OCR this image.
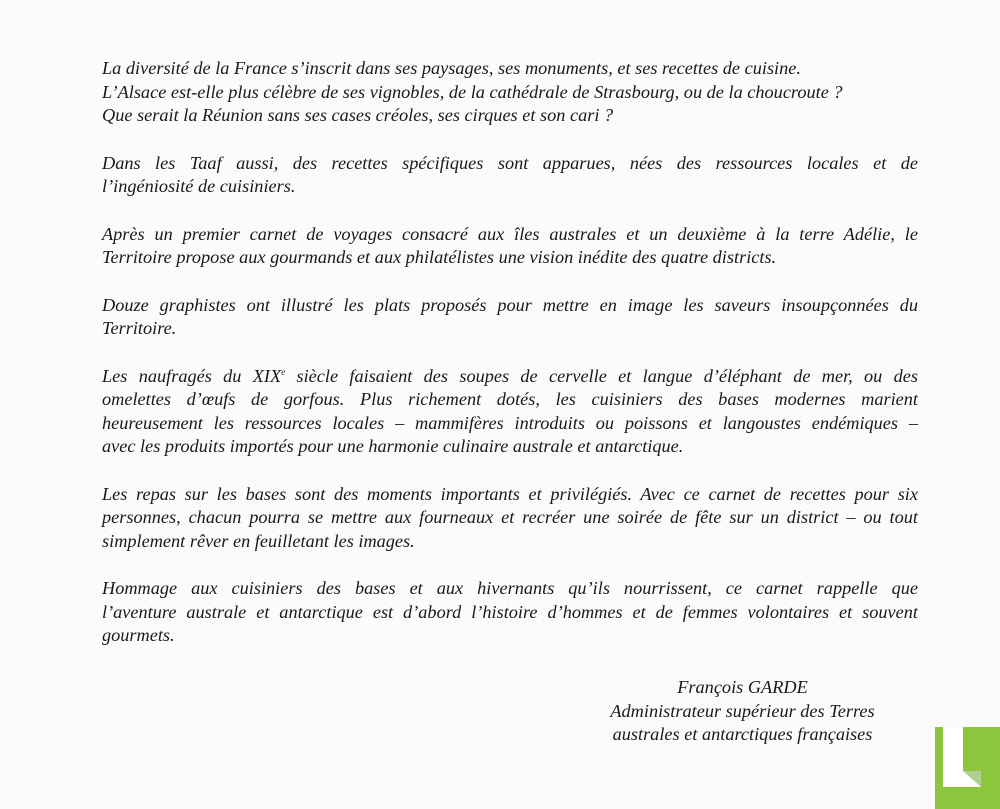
La diversité de la France s’inscrit dans ses paysages, ses monuments, et ses recettes de cuisine.
L’Alsace est-elle plus célèbre de ses vignobles, de la cathédrale de Strasbourg, ou de la choucroute ?
Que serait la Réunion sans ses cases créoles, ses cirques et son cari ?

Dans les Taaf aussi, des recettes spécifiques sont apparues, nées des ressources locales et de
l’ingéniosité de cuisiniers.

Après un premier carnet de voyages consacré aux îles australes et un deuxième à la terre Adélie, le
Territoire propose aux gourmands et aux philatélistes une vision inédite des quatre districts.

Douze graphistes ont illustré les plats proposés pour mettre en image les saveurs insoupçonnées du
Territoire.

Les naufragés du XIXe siècle faisaient des soupes de cervelle et langue d’éléphant de mer, ou des
omelettes d’œufs de gorfous. Plus richement dotés, les cuisiniers des bases modernes marient
heureusement les ressources locales – mammifères introduits ou poissons et langoustes endémiques –
avec les produits importés pour une harmonie culinaire australe et antarctique.

Les repas sur les bases sont des moments importants et privilégiés. Avec ce carnet de recettes pour six
personnes, chacun pourra se mettre aux fourneaux et recréer une soirée de fête sur un district – ou tout
simplement rêver en feuilletant les images.

Hommage aux cuisiniers des bases et aux hivernants qu’ils nourrissent, ce carnet rappelle que
l’aventure australe et antarctique est d’abord l’histoire d’hommes et de femmes volontaires et souvent
gourmets.

François GARDE
Administrateur supérieur des Terres
australes et antarctiques françaises
